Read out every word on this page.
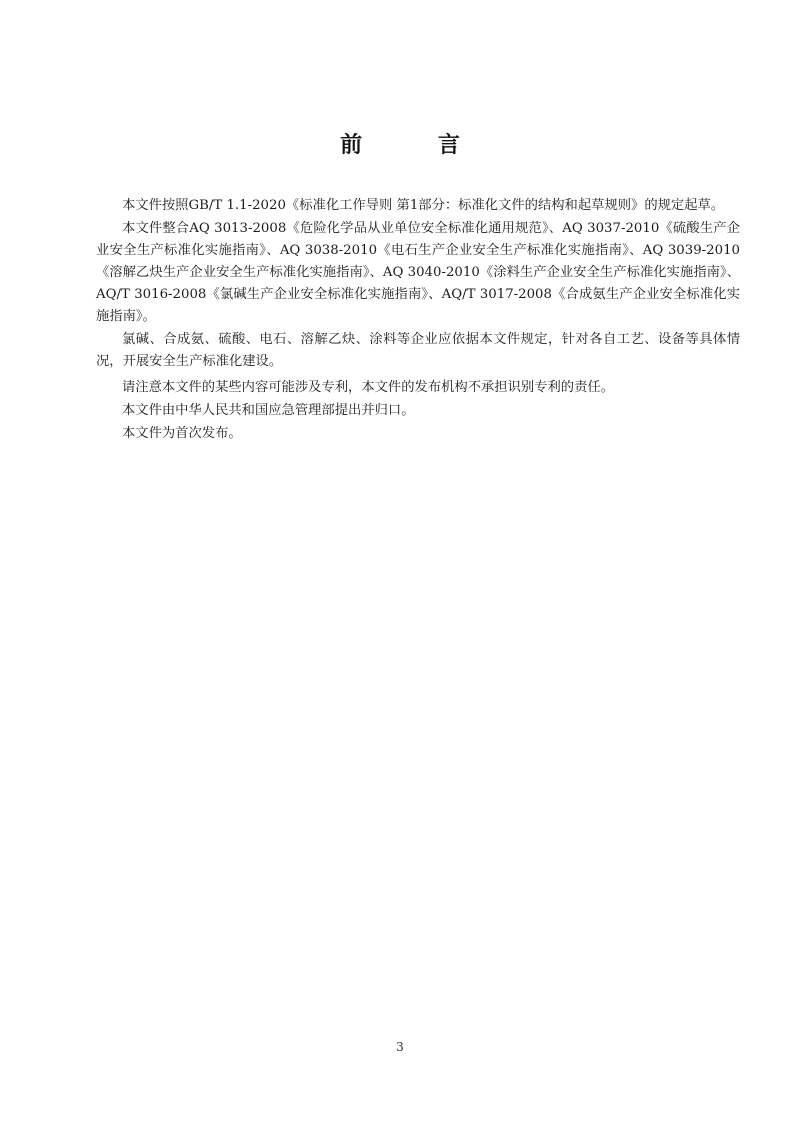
前 言

本文件按照GB/T 1.1-2020《标准化工作导则 第1部分：标准化文件的结构和起草规则》的规定起草。

本文件整合AQ 3013-2008《危险化学品从业单位安全标准化通用规范》、AQ 3037-2010《硫酸生产企业安全生产标准化实施指南》、AQ 3038-2010《电石生产企业安全生产标准化实施指南》、AQ 3039-2010《溶解乙炔生产企业安全生产标准化实施指南》、AQ 3040-2010《涂料生产企业安全生产标准化实施指南》、AQ/T 3016-2008《氯碱生产企业安全标准化实施指南》、AQ/T 3017-2008《合成氨生产企业安全标准化实施指南》。

氯碱、合成氨、硫酸、电石、溶解乙炔、涂料等企业应依据本文件规定，针对各自工艺、设备等具体情况，开展安全生产标准化建设。

请注意本文件的某些内容可能涉及专利，本文件的发布机构不承担识别专利的责任。

本文件由中华人民共和国应急管理部提出并归口。

本文件为首次发布。

3
